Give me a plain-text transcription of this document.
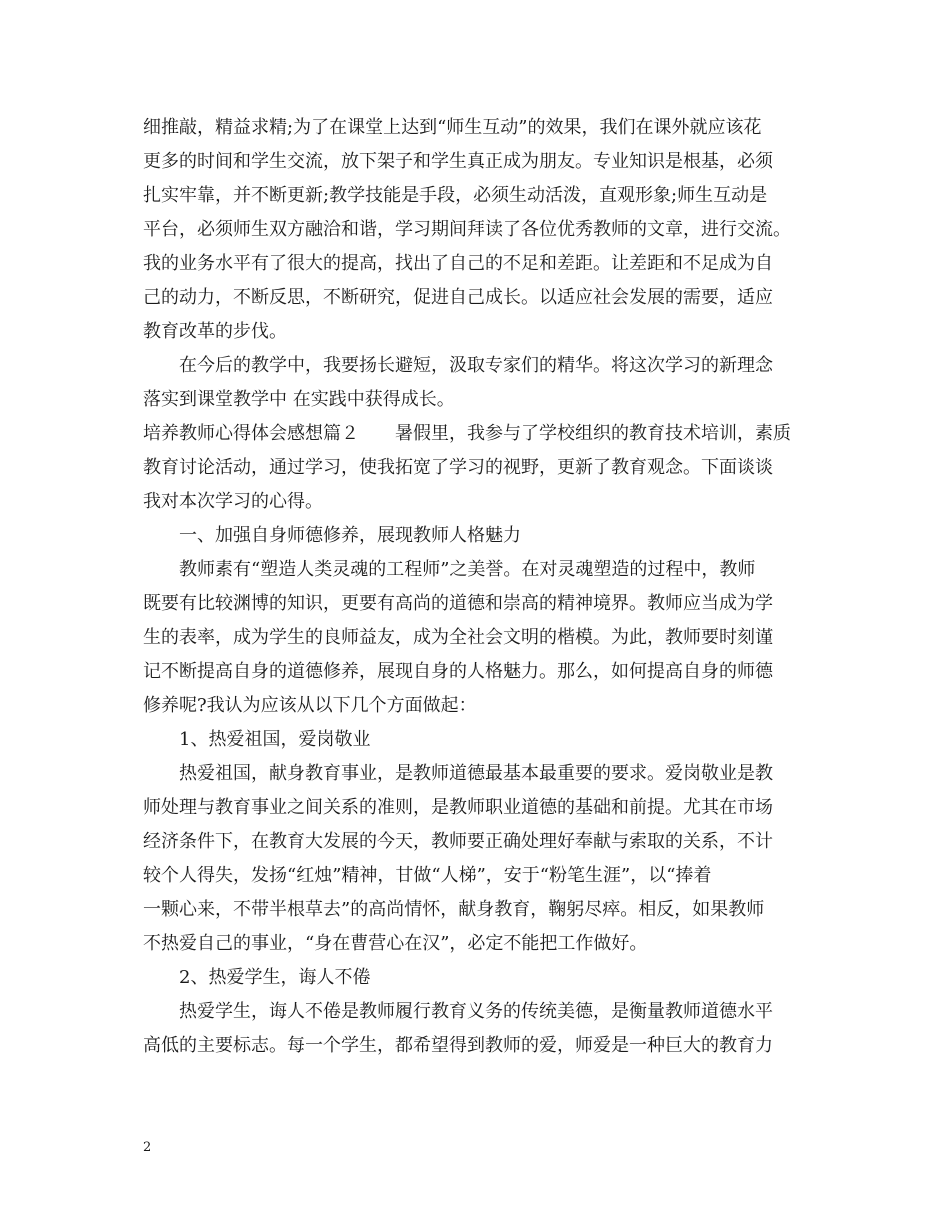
细推敲，精益求精;为了在课堂上达到“师生互动”的效果，我们在课外就应该花
更多的时间和学生交流，放下架子和学生真正成为朋友。专业知识是根基，必须
扎实牢靠，并不断更新;教学技能是手段，必须生动活泼，直观形象;师生互动是
平台，必须师生双方融洽和谐，学习期间拜读了各位优秀教师的文章，进行交流。
我的业务水平有了很大的提高，找出了自己的不足和差距。让差距和不足成为自
己的动力，不断反思，不断研究，促进自己成长。以适应社会发展的需要，适应
教育改革的步伐。
在今后的教学中，我要扬长避短，汲取专家们的精华。将这次学习的新理念
落实到课堂教学中 在实践中获得成长。
培养教师心得体会感想篇２　　暑假里，我参与了学校组织的教育技术培训，素质
教育讨论活动，通过学习，使我拓宽了学习的视野，更新了教育观念。下面谈谈
我对本次学习的心得。
一、加强自身师德修养，展现教师人格魅力
教师素有“塑造人类灵魂的工程师”之美誉。在对灵魂塑造的过程中，教师
既要有比较渊博的知识，更要有高尚的道德和崇高的精神境界。教师应当成为学
生的表率，成为学生的良师益友，成为全社会文明的楷模。为此，教师要时刻谨
记不断提高自身的道德修养，展现自身的人格魅力。那么，如何提高自身的师德
修养呢?我认为应该从以下几个方面做起：
1、热爱祖国，爱岗敬业
热爱祖国，献身教育事业，是教师道德最基本最重要的要求。爱岗敬业是教
师处理与教育事业之间关系的准则，是教师职业道德的基础和前提。尤其在市场
经济条件下，在教育大发展的今天，教师要正确处理好奉献与索取的关系，不计
较个人得失，发扬“红烛”精神，甘做“人梯”，安于“粉笔生涯”，以“捧着
一颗心来，不带半根草去”的高尚情怀，献身教育，鞠躬尽瘁。相反，如果教师
不热爱自己的事业，“身在曹营心在汉”，必定不能把工作做好。
2、热爱学生，诲人不倦
热爱学生，诲人不倦是教师履行教育义务的传统美德，是衡量教师道德水平
高低的主要标志。每一个学生，都希望得到教师的爱，师爱是一种巨大的教育力
2
